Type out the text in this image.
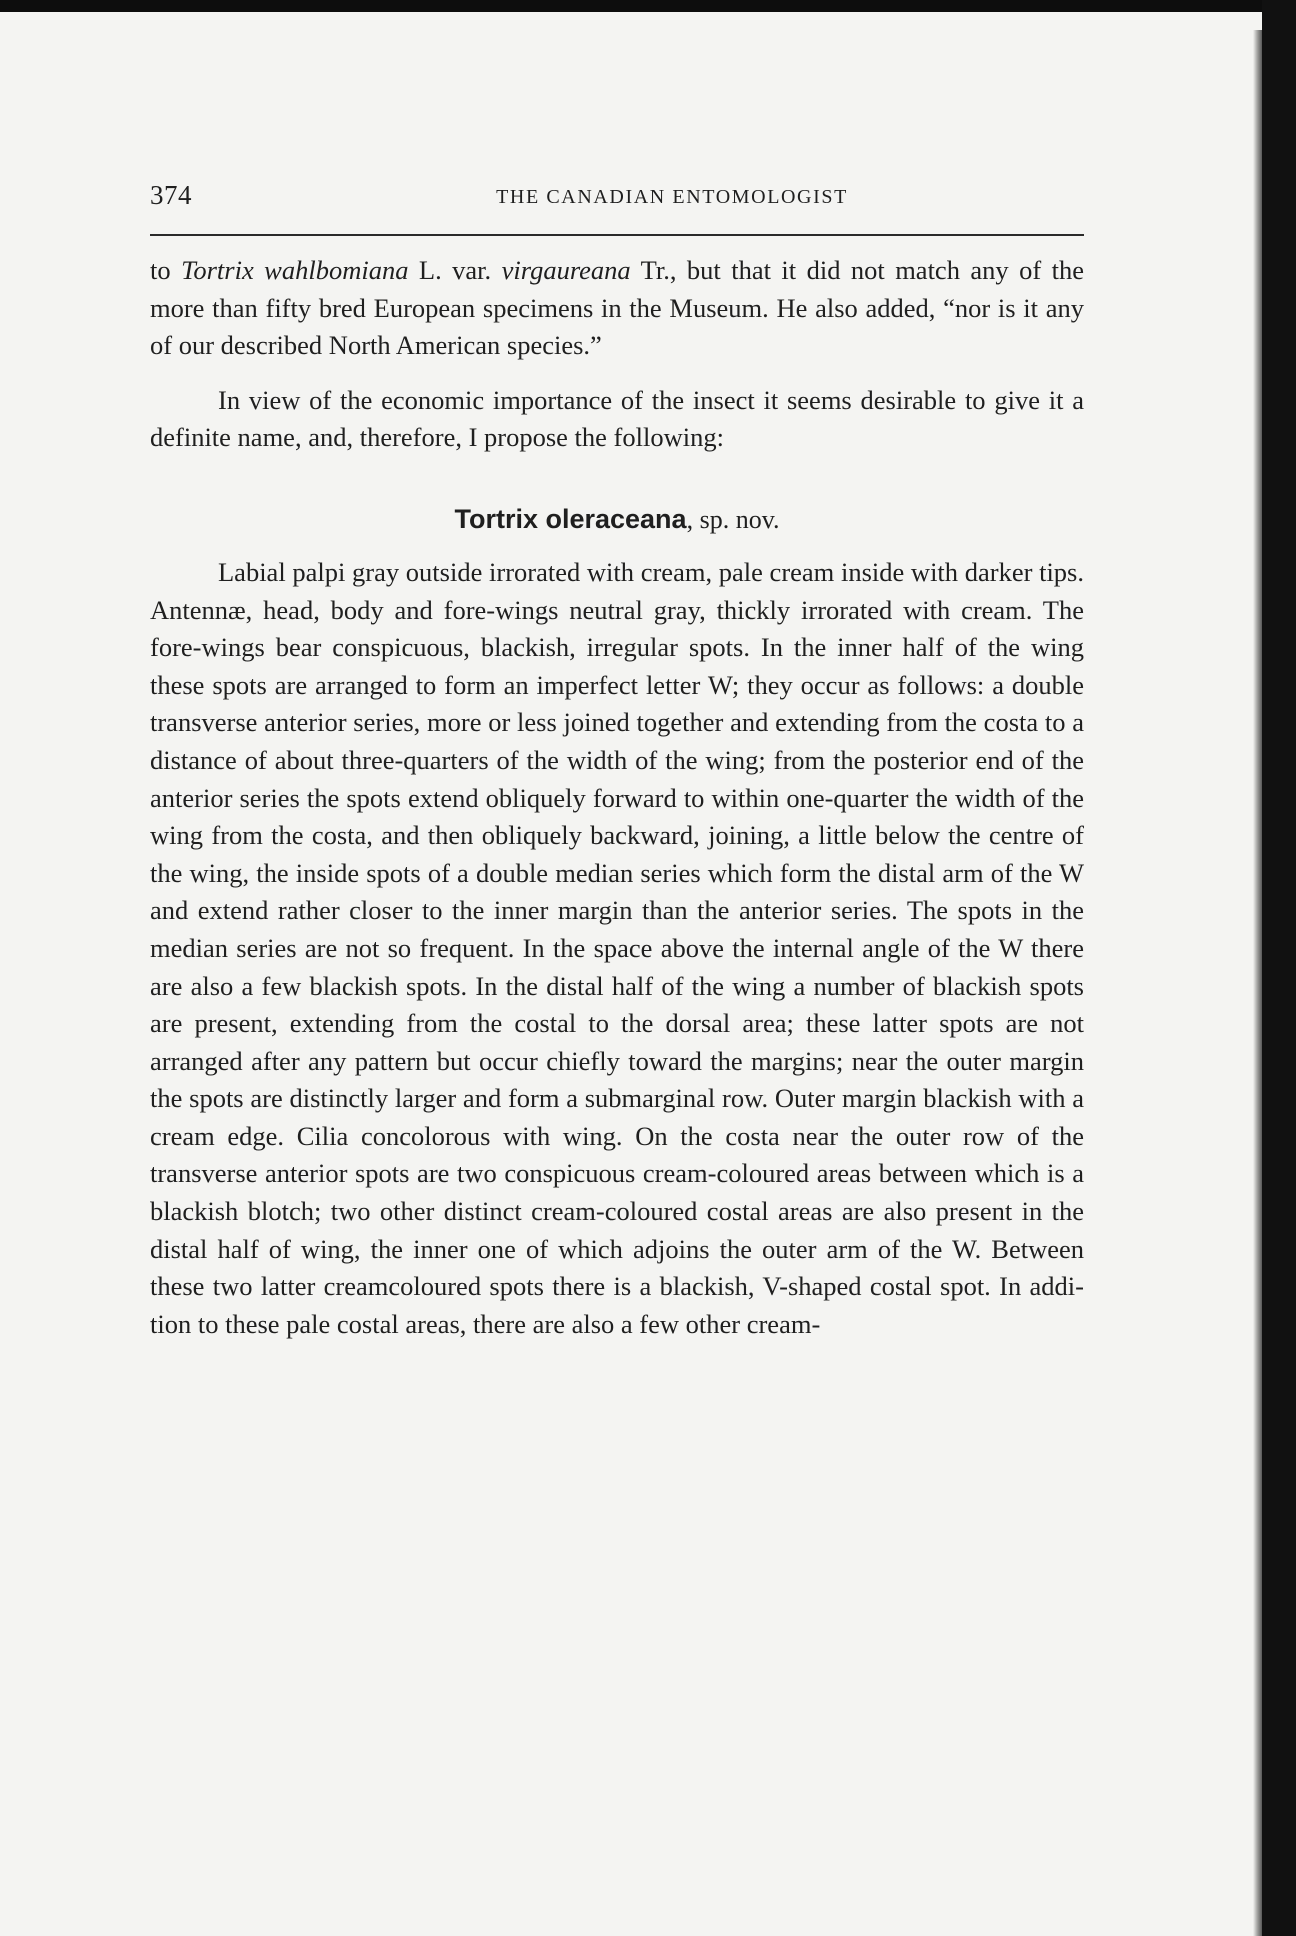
374	THE CANADIAN ENTOMOLOGIST

to Tortrix wahlbomiana L. var. virgaureana Tr., but that it did not match any of the more than fifty bred European specimens in the Museum. He also added, “nor is it any of our described North American species.”

In view of the economic importance of the insect it seems desirable to give it a definite name, and, therefore, I propose the following:

Tortrix oleraceana, sp. nov.

Labial palpi gray outside irrorated with cream, pale cream inside with darker tips. Antennæ, head, body and fore-wings neutral gray, thickly irrorated with cream. The fore-wings bear conspicuous, blackish, irregular spots. In the inner half of the wing these spots are arranged to form an imperfect letter W; they occur as follows: a double transverse anterior series, more or less joined together and extending from the costa to a distance of about three-quarters of the width of the wing; from the posterior end of the anterior series the spots extend obliquely forward to within one-quarter the width of the wing from the costa, and then obliquely backward, joining, a little below the centre of the wing, the inside spots of a double median series which form the distal arm of the W and extend rather closer to the inner margin than the anterior series. The spots in the median series are not so frequent. In the space above the internal angle of the W there are also a few blackish spots. In the distal half of the wing a number of blackish spots are present, extending from the costal to the dorsal area; these latter spots are not arranged after any pattern but occur chiefly toward the margins; near the outer margin the spots are distinctly larger and form a submarginal row. Outer margin blackish with a cream edge. Cilia concolorous with wing. On the costa near the outer row of the transverse anterior spots are two conspicuous cream-coloured areas between which is a blackish blotch; two other distinct cream-coloured costal areas are also present in the distal half of wing, the inner one of which adjoins the outer arm of the W. Between these two latter creamcoloured spots there is a blackish, V-shaped costal spot. In addition to these pale costal areas, there are also a few other cream-
